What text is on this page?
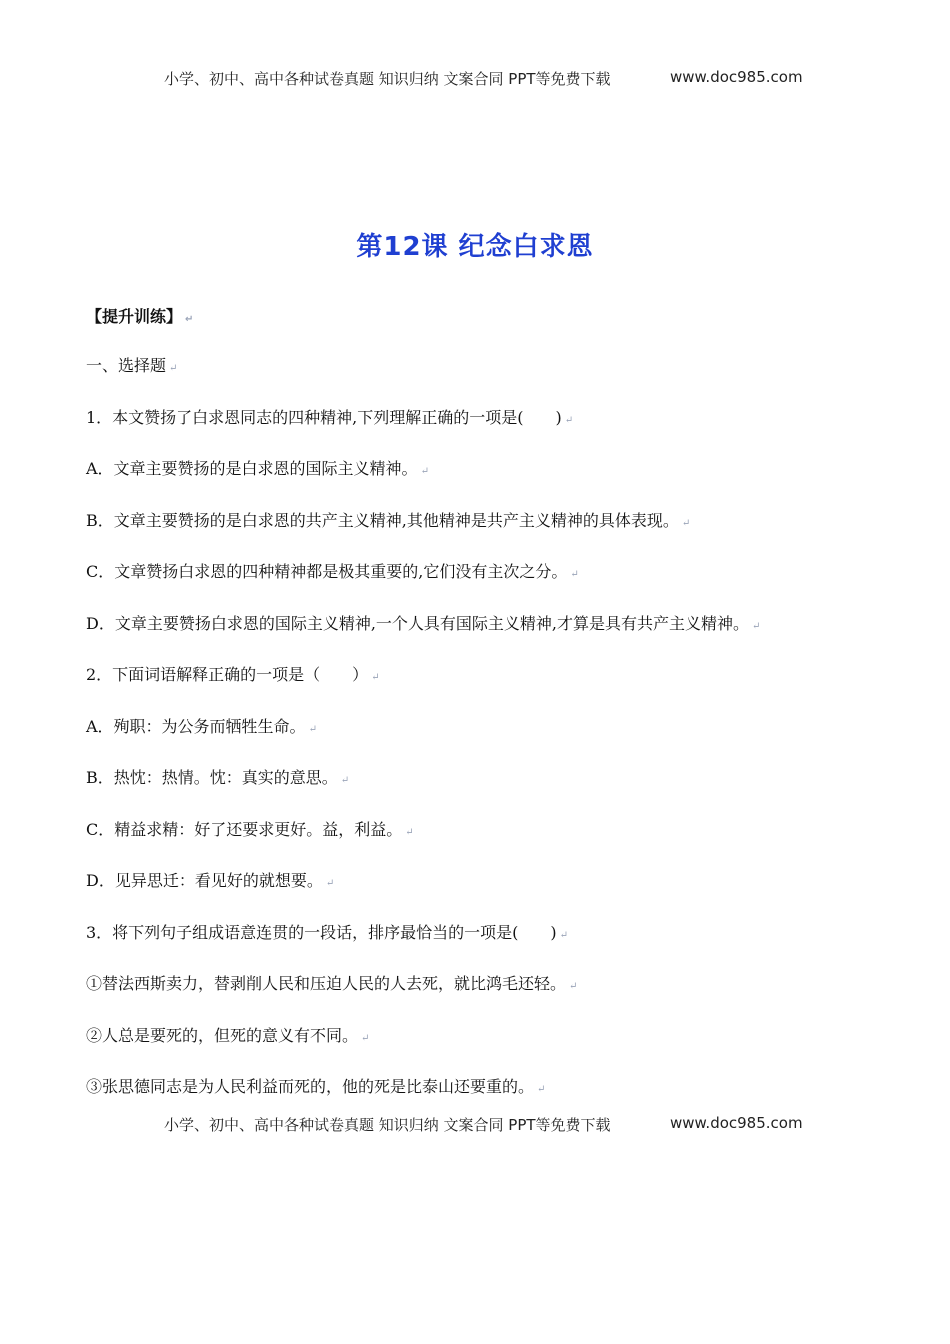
小学、初中、高中各种试卷真题 知识归纳 文案合同 PPT等免费下载	www.doc985.com
第12课 纪念白求恩
【提升训练】 ↵
一、选择题 ↵
1．本文赞扬了白求恩同志的四种精神,下列理解正确的一项是(　　) ↵
A．文章主要赞扬的是白求恩的国际主义精神。 ↵
B．文章主要赞扬的是白求恩的共产主义精神,其他精神是共产主义精神的具体表现。 ↵
C．文章赞扬白求恩的四种精神都是极其重要的,它们没有主次之分。 ↵
D．文章主要赞扬白求恩的国际主义精神,一个人具有国际主义精神,才算是具有共产主义精神。 ↵
2．下面词语解释正确的一项是（　　） ↵
A．殉职：为公务而牺牲生命。 ↵
B．热忱：热情。忱：真实的意思。 ↵
C．精益求精：好了还要求更好。益，利益。 ↵
D．见异思迁：看见好的就想要。 ↵
3．将下列句子组成语意连贯的一段话，排序最恰当的一项是(　　) ↵
①替法西斯卖力，替剥削人民和压迫人民的人去死，就比鸿毛还轻。 ↵
②人总是要死的，但死的意义有不同。 ↵
③张思德同志是为人民利益而死的，他的死是比泰山还要重的。 ↵
小学、初中、高中各种试卷真题 知识归纳 文案合同 PPT等免费下载	www.doc985.com
